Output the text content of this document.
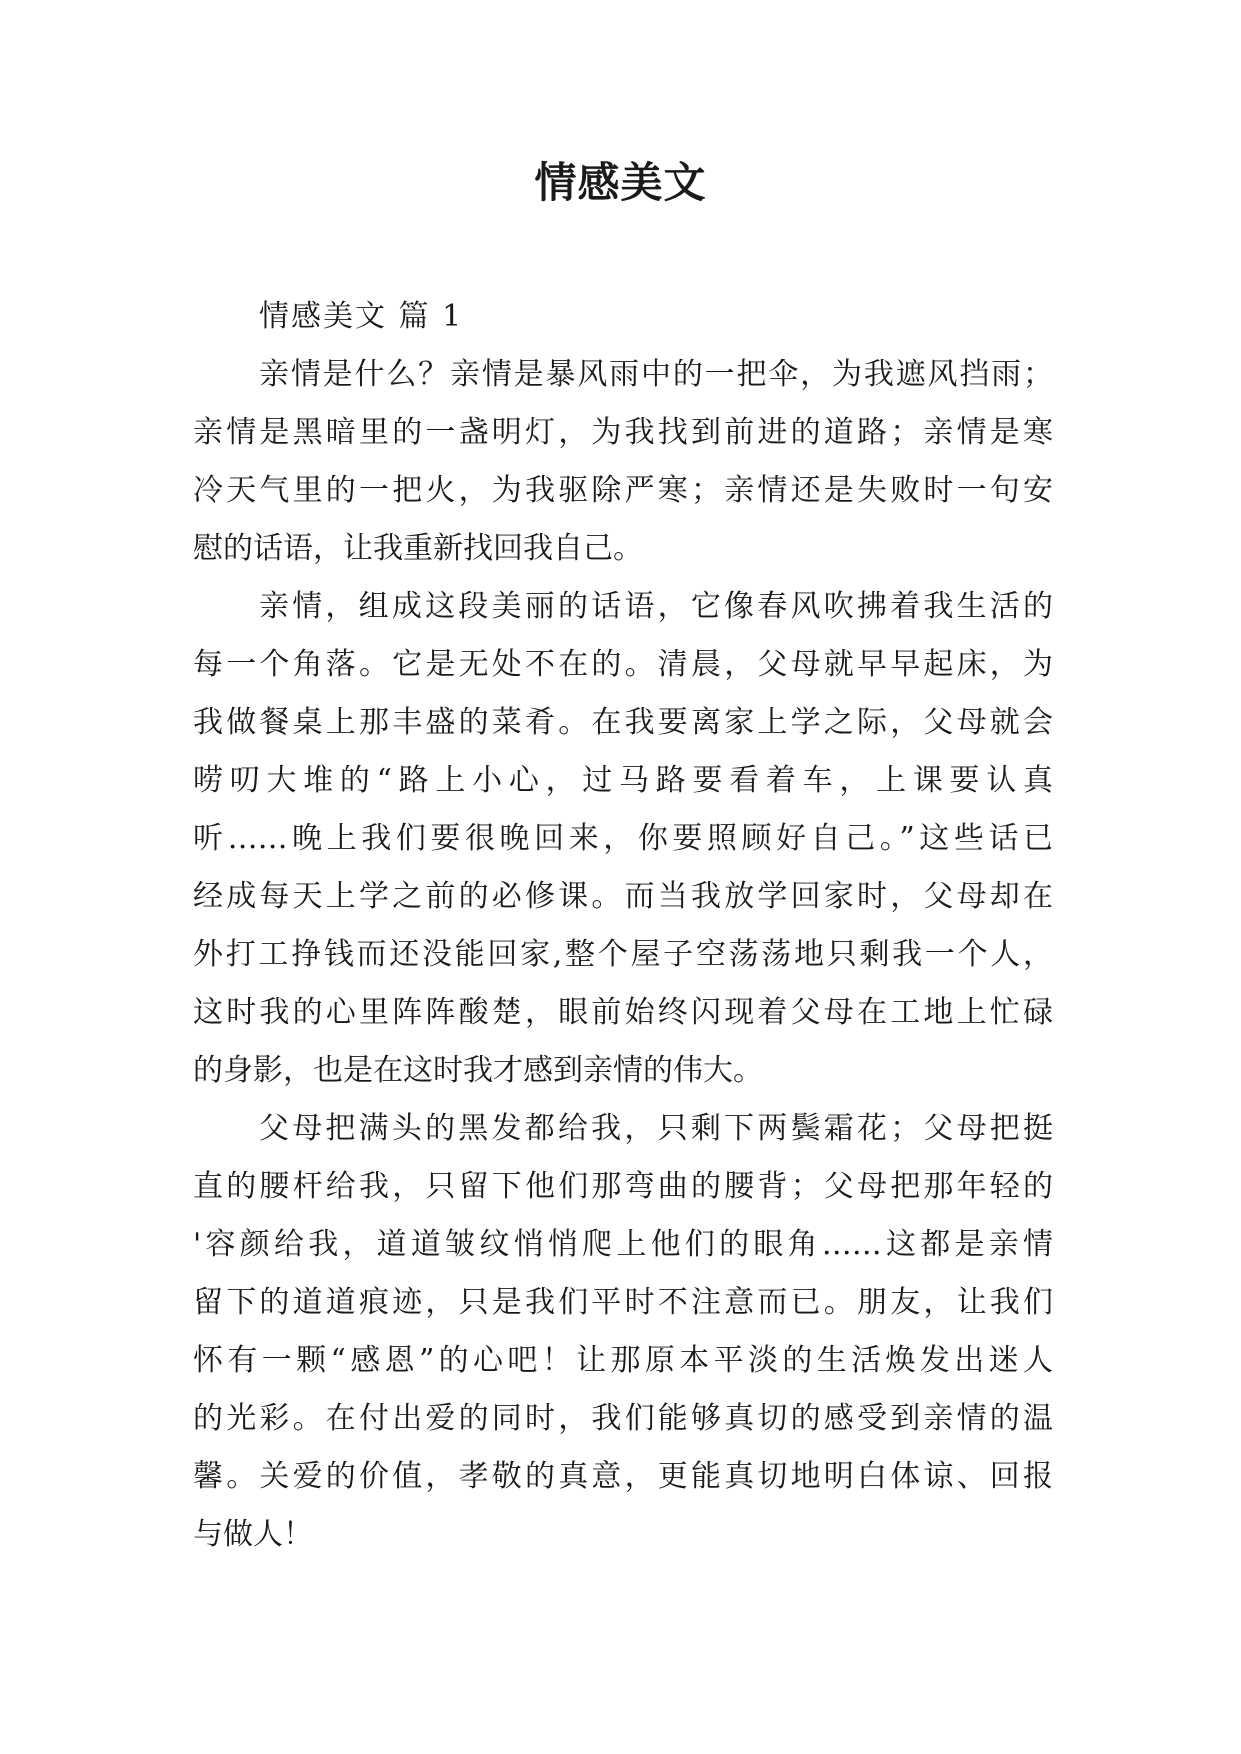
情感美文
情感美文 篇 1
亲情是什么？亲情是暴风雨中的一把伞，为我遮风挡雨；
亲情是黑暗里的一盏明灯，为我找到前进的道路；亲情是寒
冷天气里的一把火，为我驱除严寒；亲情还是失败时一句安
慰的话语，让我重新找回我自己。
亲情，组成这段美丽的话语，它像春风吹拂着我生活的
每一个角落。它是无处不在的。清晨，父母就早早起床，为
我做餐桌上那丰盛的菜肴。在我要离家上学之际，父母就会
唠叨大堆的“路上小心，过马路要看着车，上课要认真
听……晚上我们要很晚回来，你要照顾好自己。”这些话已
经成每天上学之前的必修课。而当我放学回家时，父母却在
外打工挣钱而还没能回家,整个屋子空荡荡地只剩我一个人，
这时我的心里阵阵酸楚，眼前始终闪现着父母在工地上忙碌
的身影，也是在这时我才感到亲情的伟大。
父母把满头的黑发都给我，只剩下两鬓霜花；父母把挺
直的腰杆给我，只留下他们那弯曲的腰背；父母把那年轻的
'容颜给我，道道皱纹悄悄爬上他们的眼角……这都是亲情
留下的道道痕迹，只是我们平时不注意而已。朋友，让我们
怀有一颗“感恩”的心吧！让那原本平淡的生活焕发出迷人
的光彩。在付出爱的同时，我们能够真切的感受到亲情的温
馨。关爱的价值，孝敬的真意，更能真切地明白体谅、回报
与做人！
